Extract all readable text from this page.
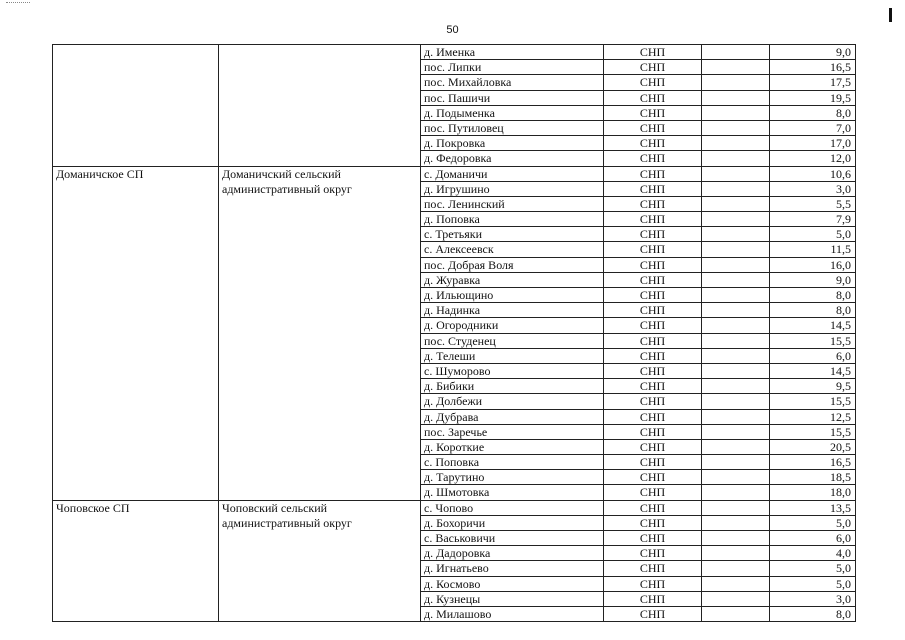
50
		д. Именка	СНП		9,0
		пос. Липки	СНП		16,5
		пос. Михайловка	СНП		17,5
		пос. Пашичи	СНП		19,5
		д. Подыменка	СНП		8,0
		пос. Путиловец	СНП		7,0
		д. Покровка	СНП		17,0
		д. Федоровка	СНП		12,0
Доманичское СП	Доманичский сельский административный округ	с. Доманичи	СНП		10,6
		д. Игрушино	СНП		3,0
		пос. Ленинский	СНП		5,5
		д. Поповка	СНП		7,9
		с. Третьяки	СНП		5,0
		с. Алексеевск	СНП		11,5
		пос. Добрая Воля	СНП		16,0
		д. Журавка	СНП		9,0
		д. Ильющино	СНП		8,0
		д. Надинка	СНП		8,0
		д. Огородники	СНП		14,5
		пос. Студенец	СНП		15,5
		д. Телеши	СНП		6,0
		с. Шуморово	СНП		14,5
		д. Бибики	СНП		9,5
		д. Долбежи	СНП		15,5
		д. Дубрава	СНП		12,5
		пос. Заречье	СНП		15,5
		д. Короткие	СНП		20,5
		с. Поповка	СНП		16,5
		д. Тарутино	СНП		18,5
		д. Шмотовка	СНП		18,0
Чоповское СП	Чоповский сельский административный округ	с. Чопово	СНП		13,5
		д. Бохоричи	СНП		5,0
		с. Васьковичи	СНП		6,0
		д. Дадоровка	СНП		4,0
		д. Игнатьево	СНП		5,0
		д. Космово	СНП		5,0
		д. Кузнецы	СНП		3,0
		д. Милашово	СНП		8,0
